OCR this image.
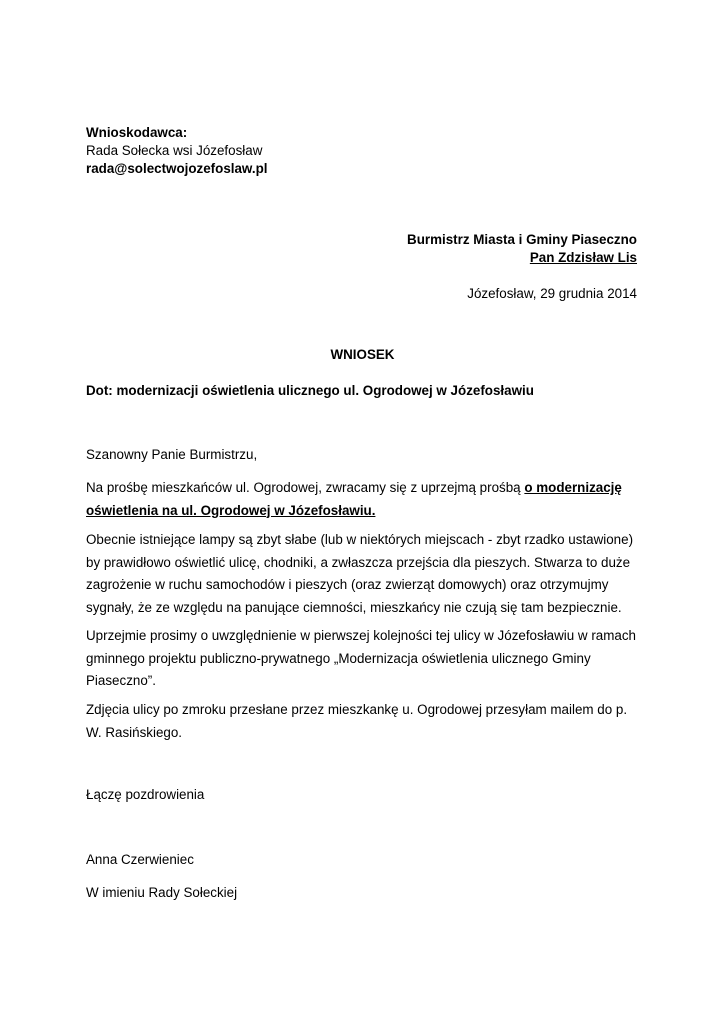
Wnioskodawca:
Rada Sołecka wsi Józefosław
rada@solectwojozefoslaw.pl
Burmistrz Miasta i Gminy Piaseczno
Pan Zdzisław Lis
Józefosław, 29 grudnia 2014
WNIOSEK
Dot: modernizacji oświetlenia ulicznego ul. Ogrodowej w Józefosławiu
Szanowny Panie Burmistrzu,
Na prośbę mieszkańców ul. Ogrodowej, zwracamy się z uprzejmą prośbą o modernizację
oświetlenia na ul. Ogrodowej w Józefosławiu.
Obecnie istniejące lampy są zbyt słabe (lub w niektórych miejscach - zbyt rzadko ustawione)
by prawidłowo oświetlić ulicę, chodniki, a zwłaszcza przejścia dla pieszych. Stwarza to duże
zagrożenie w ruchu samochodów i pieszych (oraz zwierząt domowych) oraz otrzymujmy
sygnały, że ze względu na panujące ciemności, mieszkańcy nie czują się tam bezpiecznie.
Uprzejmie prosimy o uwzględnienie w pierwszej kolejności tej ulicy w Józefosławiu w ramach
gminnego projektu publiczno-prywatnego „Modernizacja oświetlenia ulicznego Gminy
Piaseczno”.
Zdjęcia ulicy po zmroku przesłane przez mieszkankę u. Ogrodowej przesyłam mailem do p.
W. Rasińskiego.
Łączę pozdrowienia
Anna Czerwieniec
W imieniu Rady Sołeckiej
